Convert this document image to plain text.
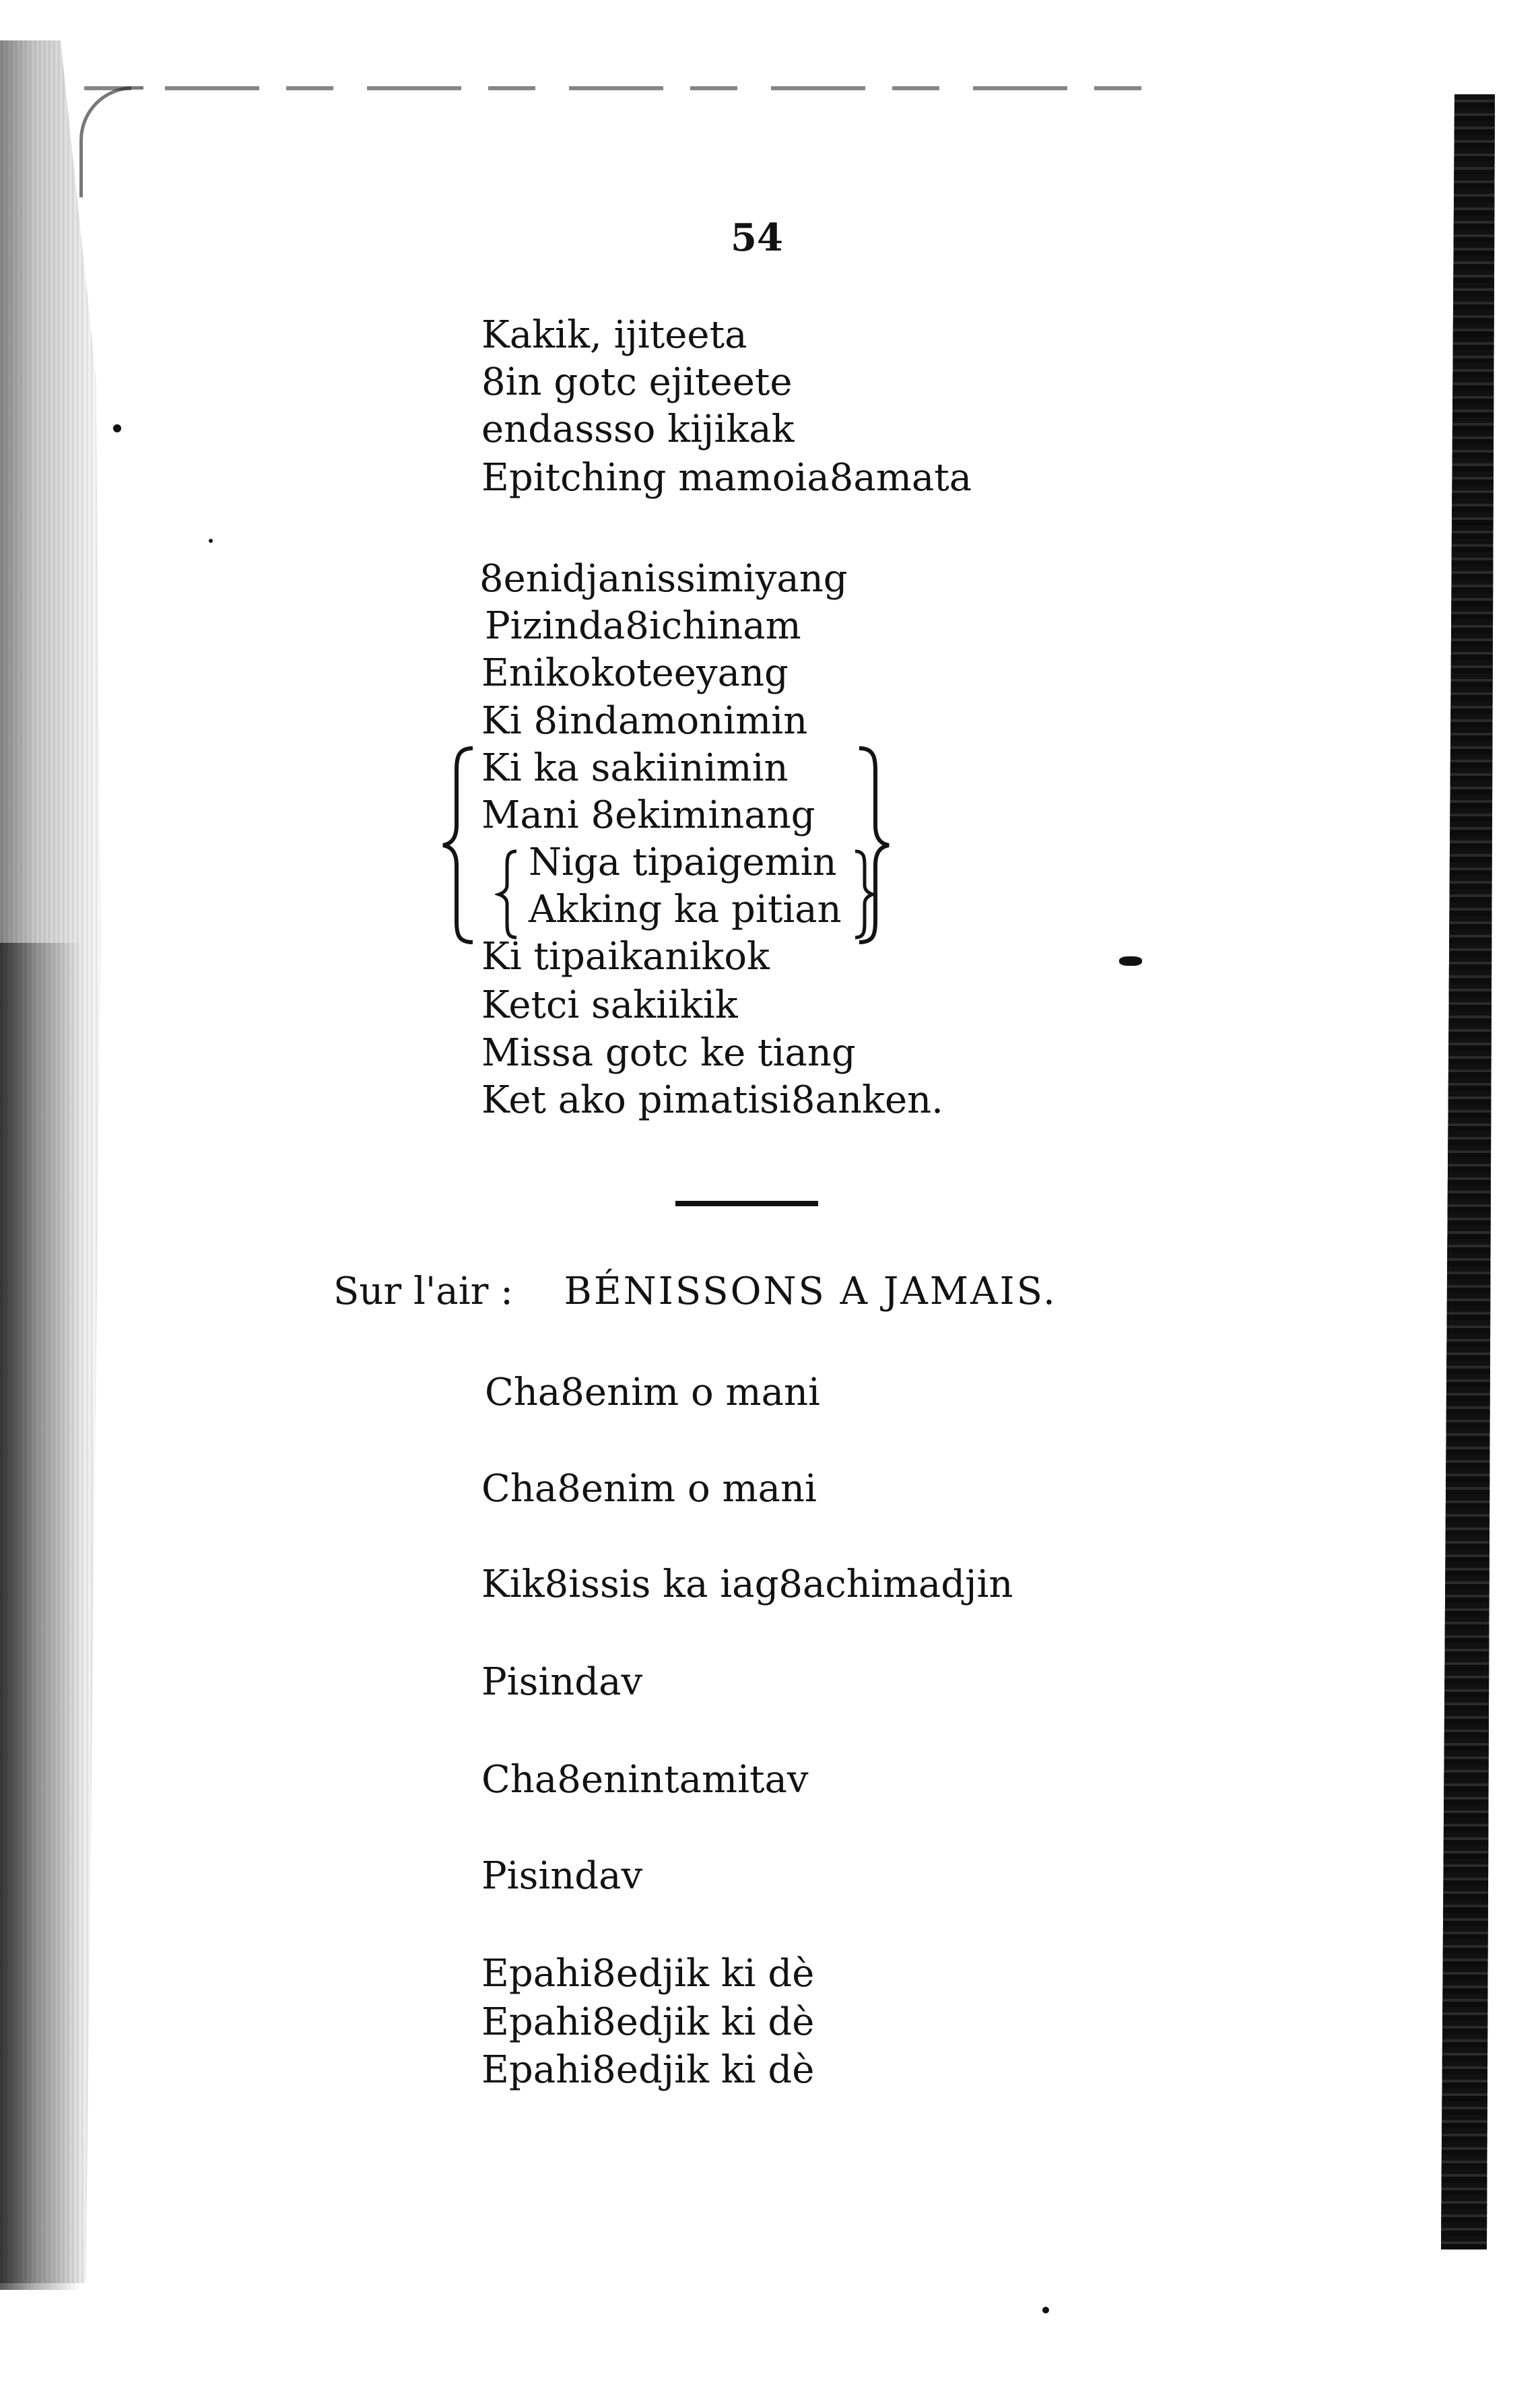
54
Kakik, ijiteeta
8in gotc ejiteete
endassso kijikak
Epitching mamoia8amata
8enidjanissimiyang
Pizinda8ichinam
Enikokoteeyang
Ki 8indamonimin
Ki ka sakiinimin
Mani 8ekiminang
Niga tipaigemin
Akking ka pitian
Ki tipaikanikok
Ketci sakiikik
Missa gotc ke tiang
Ket ako pimatisi8anken.
Sur l'air : BÉNISSONS A JAMAIS.
Cha8enim o mani
Cha8enim o mani
Kik8issis ka iag8achimadjin
Pisindav
Cha8enintamitav
Pisindav
Epahi8edjik ki dè
Epahi8edjik ki dè
Epahi8edjik ki dè
